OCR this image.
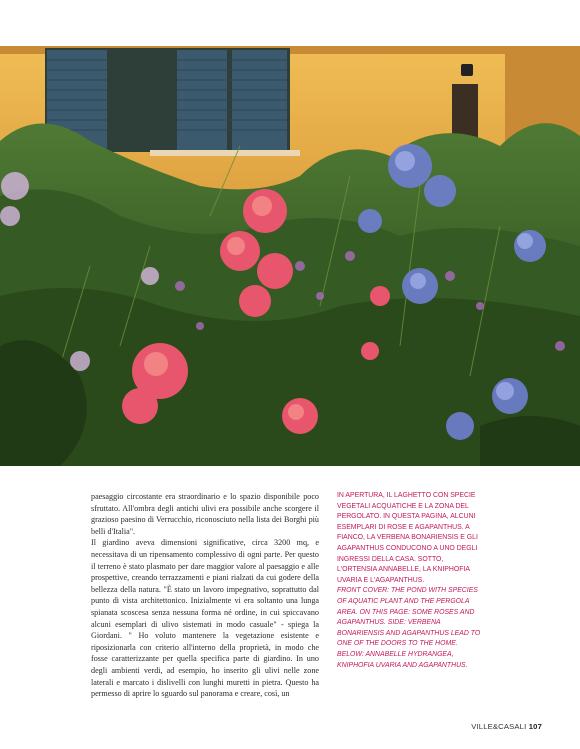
paesaggio circostante era straordinario e lo spazio disponibile poco sfruttato. All'ombra degli antichi ulivi era possibile anche scorgere il grazioso paesino di Verrucchio, riconosciuto nella lista dei Borghi più belli d'Italia".

Il giardino aveva dimensioni significative, circa 3200 mq, e necessitava di un ripensamento complessivo di ogni parte. Per questo il terreno è stato plasmato per dare maggior valore al paesaggio e alle prospettive, creando terrazzamenti e piani rialzati da cui godere della bellezza della natura. "È stato un lavoro impegnativo, soprattutto dal punto di vista architettonico. Inizialmente vi era soltanto una lunga spianata scoscesa senza nessuna forma né ordine, in cui spiccavano alcuni esemplari di ulivo sistemati in modo casuale" - spiega la Giordani. " Ho voluto mantenere la vegetazione esistente e riposizionarla con criterio all'interno della proprietà, in modo che fosse caratterizzante per quella specifica parte di giardino. In uno degli ambienti verdi, ad esempio, ho inserito gli ulivi nelle zone laterali e marcato i dislivelli con lunghi muretti in pietra. Questo ha permesso di aprire lo sguardo sul panorama e creare, così, un

IN APERTURA, IL LAGHETTO CON SPECIE VEGETALI ACQUATICHE E LA ZONA DEL PERGOLATO. IN QUESTA PAGINA, ALCUNI ESEMPLARI DI ROSE E AGAPANTHUS. A FIANCO, LA VERBENA BONARIENSIS E GLI AGAPANTHUS CONDUCONO A UNO DEGLI INGRESSI DELLA CASA. SOTTO, L'ORTENSIA ANNABELLE, LA KNIPHOFIA UVARIA E L'AGAPANTHUS.

FRONT COVER: THE POND WITH SPECIES OF AQUATIC PLANT AND THE PERGOLA AREA. ON THIS PAGE: SOME ROSES AND AGAPANTHUS. SIDE: VERBENA BONARIENSIS AND AGAPANTHUS LEAD TO ONE OF THE DOORS TO THE HOME. BELOW: ANNABELLE HYDRANGEA, KNIPHOFIA UVARIA AND AGAPANTHUS.

VILLE&CASALI 107
